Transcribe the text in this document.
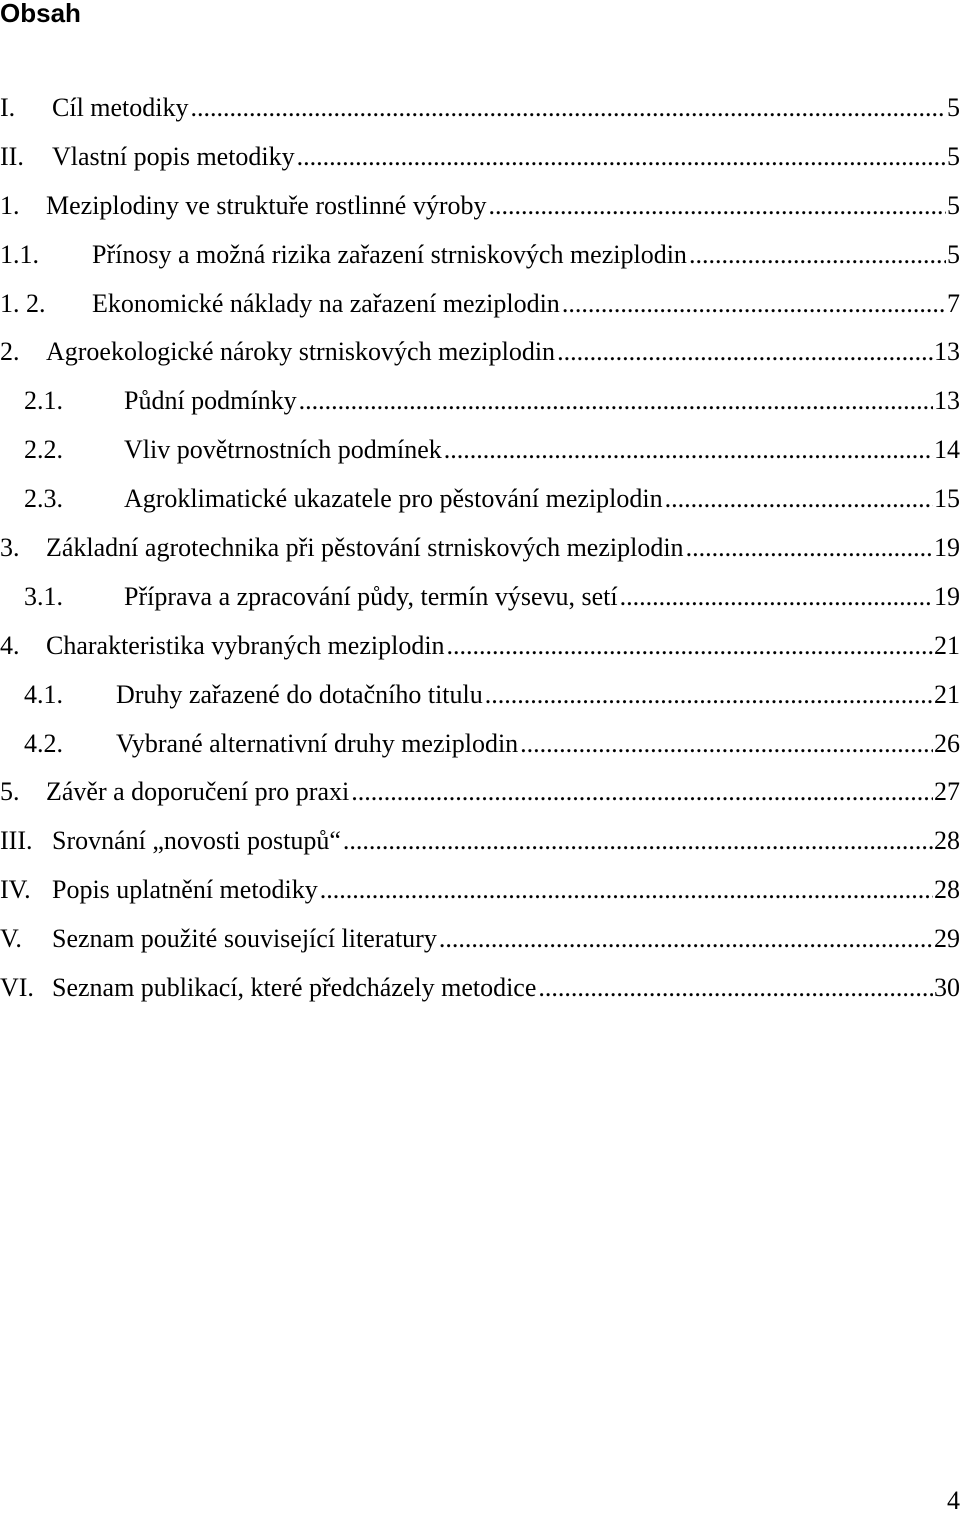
Obsah
I.	Cíl metodiky .....	5
II.	Vlastní popis metodiky .....	5
1.	Meziplodiny ve struktuře rostlinné výroby .....	5
1.1.	Přínosy a možná rizika zařazení strniskových meziplodin .....	5
1. 2.	Ekonomické náklady na zařazení meziplodin .....	7
2.	Agroekologické nároky strniskových meziplodin .....	13
2.1.	Půdní podmínky .....	13
2.2.	Vliv povětrnostních podmínek .....	14
2.3.	Agroklimatické ukazatele pro pěstování meziplodin .....	15
3.	Základní agrotechnika při pěstování strniskových meziplodin .....	19
3.1.	Příprava a zpracování půdy, termín výsevu, setí .....	19
4.	Charakteristika vybraných meziplodin .....	21
4.1.	Druhy zařazené do dotačního titulu .....	21
4.2.	Vybrané alternativní druhy meziplodin .....	26
5.	Závěr a doporučení pro praxi .....	27
III. Srovnání „novosti postupů“ .....	28
IV. Popis uplatnění metodiky .....	28
V.	Seznam použité související literatury .....	29
VI. Seznam publikací, které předcházely metodice .....	30
4
